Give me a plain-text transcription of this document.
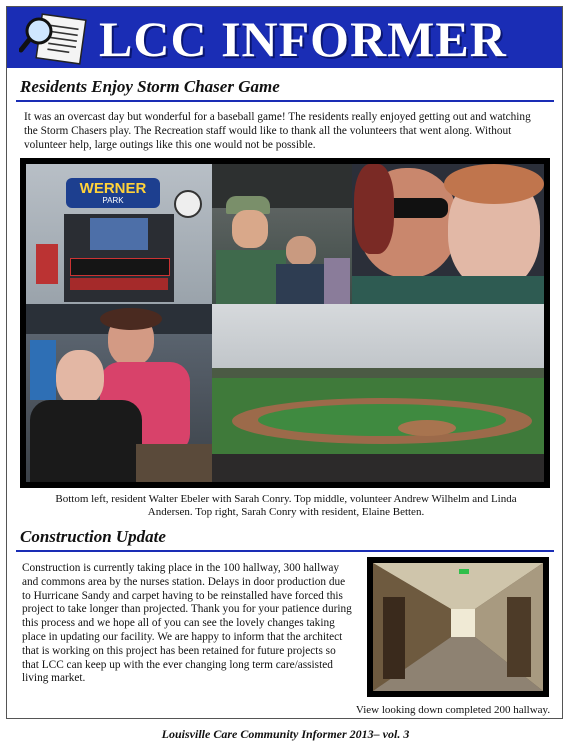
LCC INFORMER
Residents Enjoy Storm Chaser Game
It was an overcast day but wonderful for a baseball game! The residents really enjoyed getting out and watching the Storm Chasers play. The Recreation staff would like to thank all the volunteers that went along. Without volunteer help, large outings like this one would not be possible.
WERNER
PARK
Bottom left, resident Walter Ebeler with Sarah Conry. Top middle, volunteer Andrew Wilhelm and Linda Andersen. Top right, Sarah Conry with resident, Elaine Betten.
Construction Update
Construction is currently taking place in the 100 hallway, 300 hallway and commons area by the nurses station. Delays in door production due to Hurricane Sandy and carpet having to be reinstalled have forced this project to take longer than projected. Thank you for your patience during this process and we hope all of you can see the lovely changes taking place in updating our facility. We are happy to inform that the architect that is working on this project has been retained for future projects so that LCC can keep up with the ever changing long term care/assisted living market.
View looking down completed 200 hallway.
Louisville Care Community Informer 2013– vol. 3
